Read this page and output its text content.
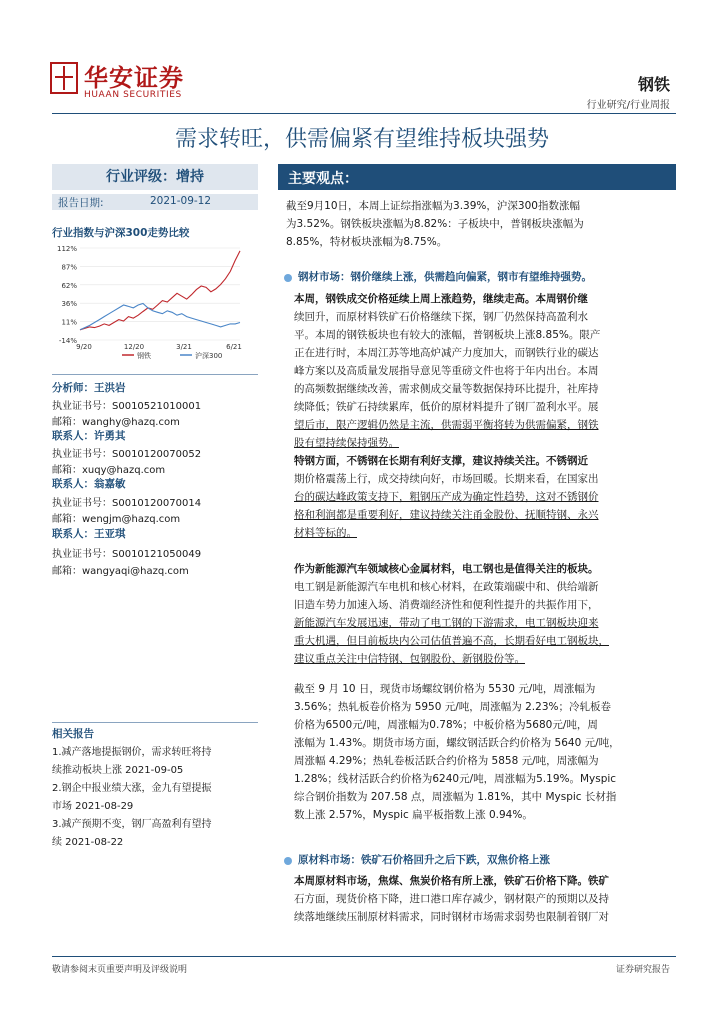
华安证券
HUAAN SECURITIES
钢铁
行业研究/行业周报
需求转旺，供需偏紧有望维持板块强势
行业评级：增持
报告日期:	2021-09-12
行业指数与沪深300走势比较
112%
87%
62%
36%
11%
-14%
9/20	12/20	3/21	6/21
钢铁	沪深300
分析师：王洪岩
执业证书号：S0010521010001
邮箱：wanghy@hazq.com
联系人：许勇其
执业证书号：S0010120070052
邮箱：xuqy@hazq.com
联系人：翁嘉敏
执业证书号：S0010120070014
邮箱：wengjm@hazq.com
联系人：王亚琪
执业证书号：S0010121050049
邮箱：wangyaqi@hazq.com
相关报告
1.减产落地提振钢价，需求转旺将持
续推动板块上涨 2021-09-05
2.钢企中报业绩大涨，金九有望提振
市场 2021-08-29
3.减产预期不变，钢厂高盈利有望持
续 2021-08-22
主要观点：
截至9月10日，本周上证综指涨幅为3.39%，沪深300指数涨幅
为3.52%。钢铁板块涨幅为8.82%：子板块中，普钢板块涨幅为
8.85%，特材板块涨幅为8.75%。
钢材市场：钢价继续上涨，供需趋向偏紧，钢市有望维持强势。
本周，钢铁成交价格延续上周上涨趋势，继续走高。本周钢价继
续回升，而原材料铁矿石价格继续下探，钢厂仍然保持高盈利水
平。本周的钢铁板块也有较大的涨幅，普钢板块上涨8.85%。限产
正在进行时，本周江苏等地高炉减产力度加大，而钢铁行业的碳达
峰方案以及高质量发展指导意见等重磅文件也将于年内出台。本周
的高频数据继续改善，需求侧成交量等数据保持环比提升，社库持
续降低；铁矿石持续累库，低价的原材料提升了钢厂盈利水平。展
望后市，限产逻辑仍然是主流，供需弱平衡将转为供需偏紧，钢铁
股有望持续保持强势。
特钢方面，不锈钢在长期有利好支撑，建议持续关注。不锈钢近
期价格震荡上行，成交持续向好，市场回暖。长期来看，在国家出
台的碳达峰政策支持下，粗钢压产成为确定性趋势，这对不锈钢价
格和利润都是重要利好，建议持续关注甬金股份、抚顺特钢、永兴
材料等标的。
作为新能源汽车领域核心金属材料，电工钢也是值得关注的板块。
电工钢是新能源汽车电机和核心材料，在政策端碳中和、供给端新
旧造车势力加速入场、消费端经济性和便利性提升的共振作用下，
新能源汽车发展迅速，带动了电工钢的下游需求，电工钢板块迎来
重大机遇，但目前板块内公司估值普遍不高，长期看好电工钢板块，
建议重点关注中信特钢、包钢股份、新钢股份等。
截至 9 月 10 日，现货市场螺纹钢价格为 5530 元/吨，周涨幅为
3.56%；热轧板卷价格为 5950 元/吨，周涨幅为 2.23%；冷轧板卷
价格为6500元/吨，周涨幅为0.78%；中板价格为5680元/吨，周
涨幅为 1.43%。期货市场方面，螺纹钢活跃合约价格为 5640 元/吨，
周涨幅 4.29%；热轧卷板活跃合约价格为 5858 元/吨，周涨幅为
1.28%；线材活跃合约价格为6240元/吨，周涨幅为5.19%。Myspic
综合钢价指数为 207.58 点，周涨幅为 1.81%，其中 Myspic 长材指
数上涨 2.57%，Myspic 扁平板指数上涨 0.94%。
原材料市场：铁矿石价格回升之后下跌，双焦价格上涨
本周原材料市场，焦煤、焦炭价格有所上涨，铁矿石价格下降。铁矿
石方面，现货价格下降，进口港口库存减少，钢材限产的预期以及持
续落地继续压制原材料需求，同时钢材市场需求弱势也限制着钢厂对
敬请参阅末页重要声明及评级说明	证券研究报告
